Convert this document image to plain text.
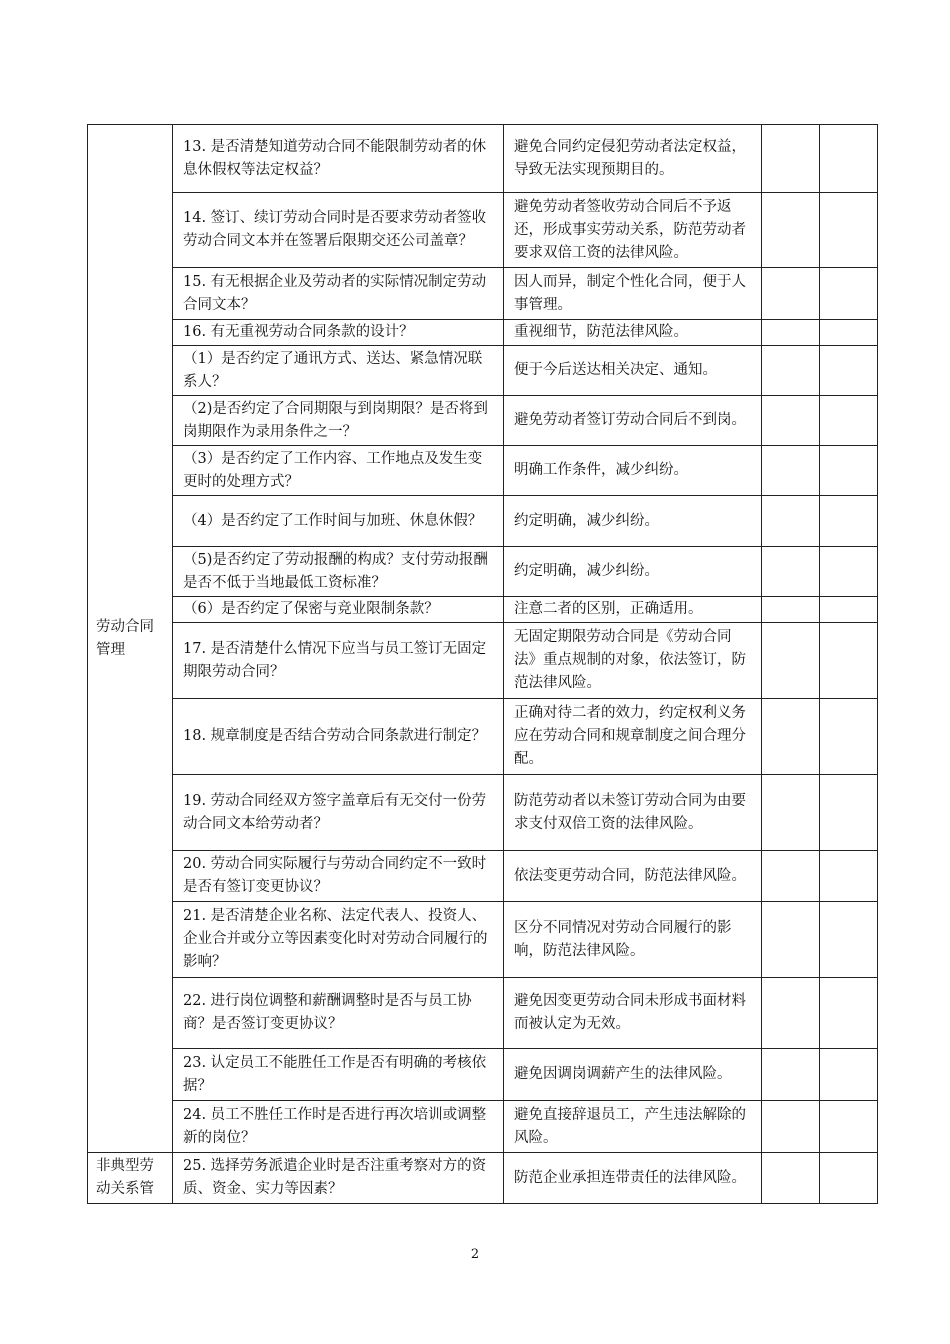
劳动合同管理	13. 是否清楚知道劳动合同不能限制劳动者的休息休假权等法定权益？	避免合同约定侵犯劳动者法定权益，导致无法实现预期目的。		
	14. 签订、续订劳动合同时是否要求劳动者签收劳动合同文本并在签署后限期交还公司盖章？	避免劳动者签收劳动合同后不予返还，形成事实劳动关系，防范劳动者要求双倍工资的法律风险。		
	15. 有无根据企业及劳动者的实际情况制定劳动合同文本？	因人而异，制定个性化合同，便于人事管理。		
	16. 有无重视劳动合同条款的设计？	重视细节，防范法律风险。		
	（1）是否约定了通讯方式、送达、紧急情况联系人？	便于今后送达相关决定、通知。		
	（2)是否约定了合同期限与到岗期限？是否将到岗期限作为录用条件之一？	避免劳动者签订劳动合同后不到岗。		
	（3）是否约定了工作内容、工作地点及发生变更时的处理方式？	明确工作条件，减少纠纷。		
	（4）是否约定了工作时间与加班、休息休假？	约定明确，减少纠纷。		
	（5)是否约定了劳动报酬的构成？支付劳动报酬是否不低于当地最低工资标准？	约定明确，减少纠纷。		
	（6）是否约定了保密与竞业限制条款？	注意二者的区别，正确适用。		
	17. 是否清楚什么情况下应当与员工签订无固定期限劳动合同？	无固定期限劳动合同是《劳动合同法》重点规制的对象，依法签订，防范法律风险。		
	18. 规章制度是否结合劳动合同条款进行制定？	正确对待二者的效力，约定权利义务应在劳动合同和规章制度之间合理分配。		
	19. 劳动合同经双方签字盖章后有无交付一份劳动合同文本给劳动者？	防范劳动者以未签订劳动合同为由要求支付双倍工资的法律风险。		
	20. 劳动合同实际履行与劳动合同约定不一致时是否有签订变更协议？	依法变更劳动合同，防范法律风险。		
	21. 是否清楚企业名称、法定代表人、投资人、企业合并或分立等因素变化时对劳动合同履行的影响？	区分不同情况对劳动合同履行的影响，防范法律风险。		
	22. 进行岗位调整和薪酬调整时是否与员工协商？是否签订变更协议？	避免因变更劳动合同未形成书面材料而被认定为无效。		
	23. 认定员工不能胜任工作是否有明确的考核依据？	避免因调岗调薪产生的法律风险。		
	24. 员工不胜任工作时是否进行再次培训或调整新的岗位？	避免直接辞退员工，产生违法解除的风险。		
非典型劳动关系管	25. 选择劳务派遣企业时是否注重考察对方的资质、资金、实力等因素？	防范企业承担连带责任的法律风险。		
2
